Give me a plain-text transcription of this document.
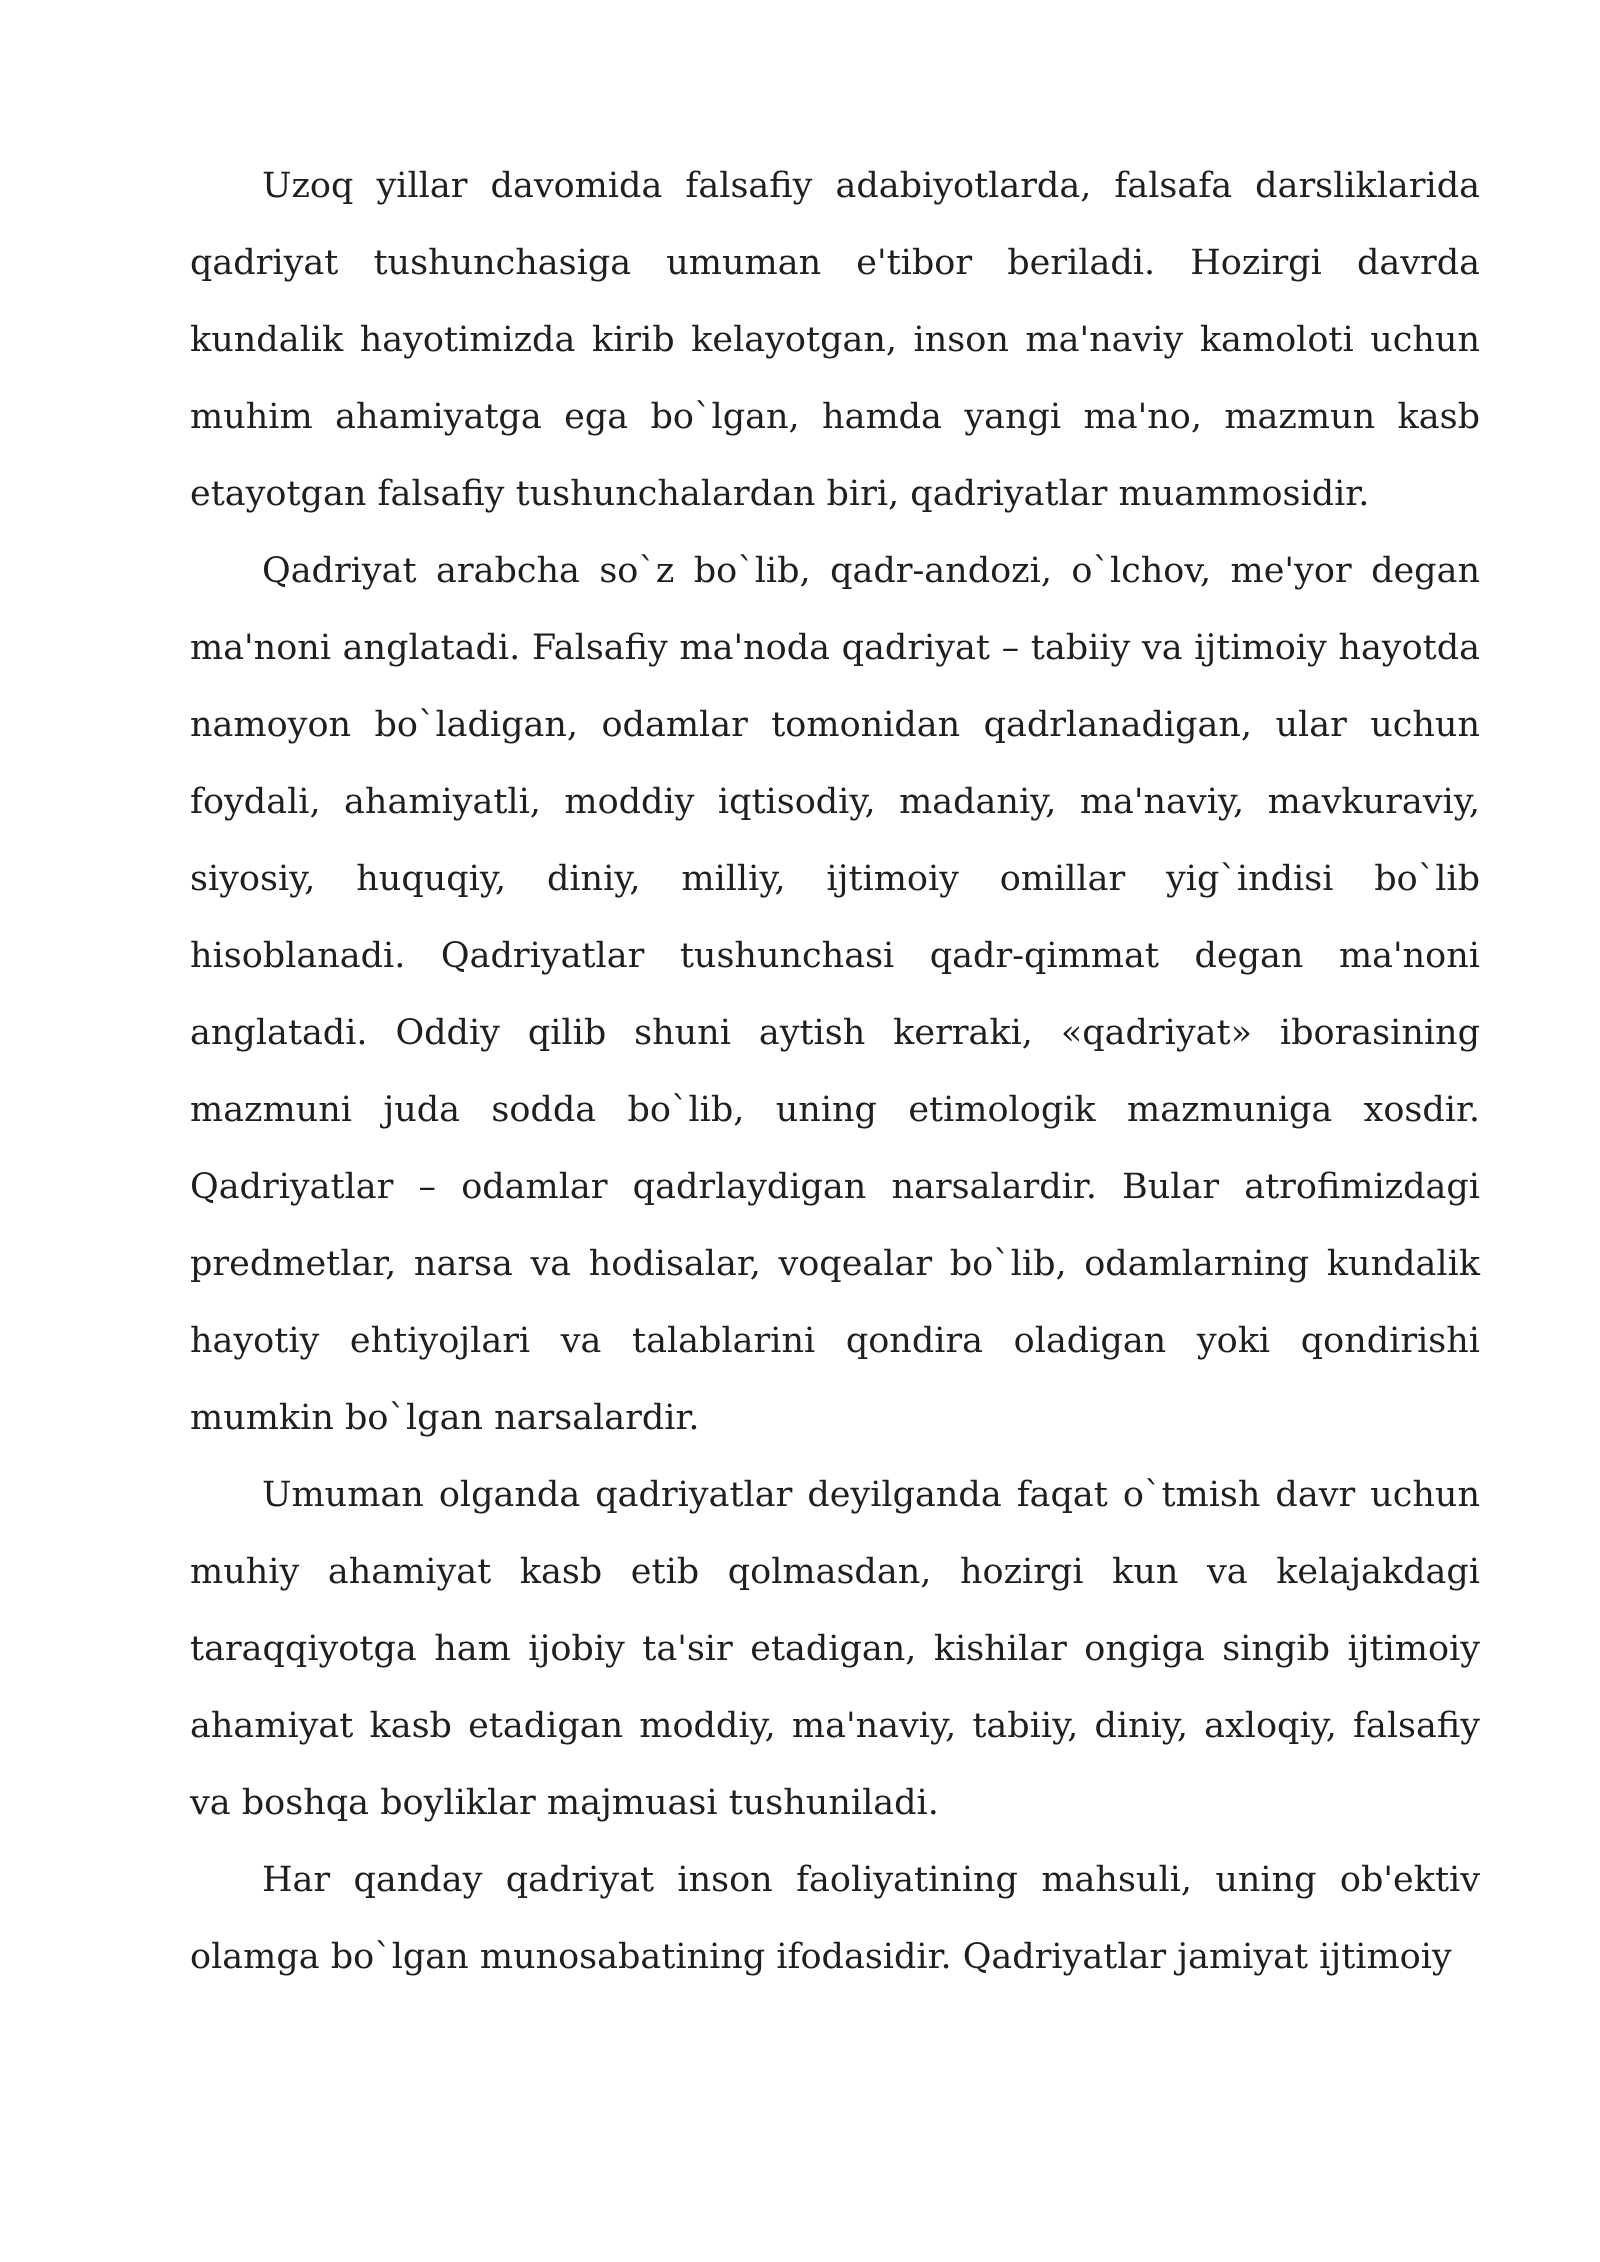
Uzoq yillar davomida falsafiy adabiyotlarda, falsafa darsliklarida qadriyat tushunchasiga umuman e'tibor beriladi. Hozirgi davrda kundalik hayotimizda kirib kelayotgan, inson ma'naviy kamoloti uchun muhim ahamiyatga ega bo`lgan, hamda yangi ma'no, mazmun kasb etayotgan falsafiy tushunchalardan biri, qadriyatlar muammosidir.

Qadriyat arabcha so`z bo`lib, qadr-andozi, o`lchov, me'yor degan ma'noni anglatadi. Falsafiy ma'noda qadriyat – tabiiy va ijtimoiy hayotda namoyon bo`ladigan, odamlar tomonidan qadrlanadigan, ular uchun foydali, ahamiyatli, moddiy iqtisodiy, madaniy, ma'naviy, mavkuraviy, siyosiy, huquqiy, diniy, milliy, ijtimoiy omillar yig`indisi bo`lib hisoblanadi. Qadriyatlar tushunchasi qadr-qimmat degan ma'noni anglatadi. Oddiy qilib shuni aytish kerraki, «qadriyat» iborasining mazmuni juda sodda bo`lib, uning etimologik mazmuniga xosdir. Qadriyatlar – odamlar qadrlaydigan narsalardir. Bular atrofimizdagi predmetlar, narsa va hodisalar, voqealar bo`lib, odamlarning kundalik hayotiy ehtiyojlari va talablarini qondira oladigan yoki qondirishi mumkin bo`lgan narsalardir.

Umuman olganda qadriyatlar deyilganda faqat o`tmish davr uchun muhiy ahamiyat kasb etib qolmasdan, hozirgi kun va kelajakdagi taraqqiyotga ham ijobiy ta'sir etadigan, kishilar ongiga singib ijtimoiy ahamiyat kasb etadigan moddiy, ma'naviy, tabiiy, diniy, axloqiy, falsafiy va boshqa boyliklar majmuasi tushuniladi.

Har qanday qadriyat inson faoliyatining mahsuli, uning ob'ektiv olamga bo`lgan munosabatining ifodasidir. Qadriyatlar jamiyat ijtimoiy
